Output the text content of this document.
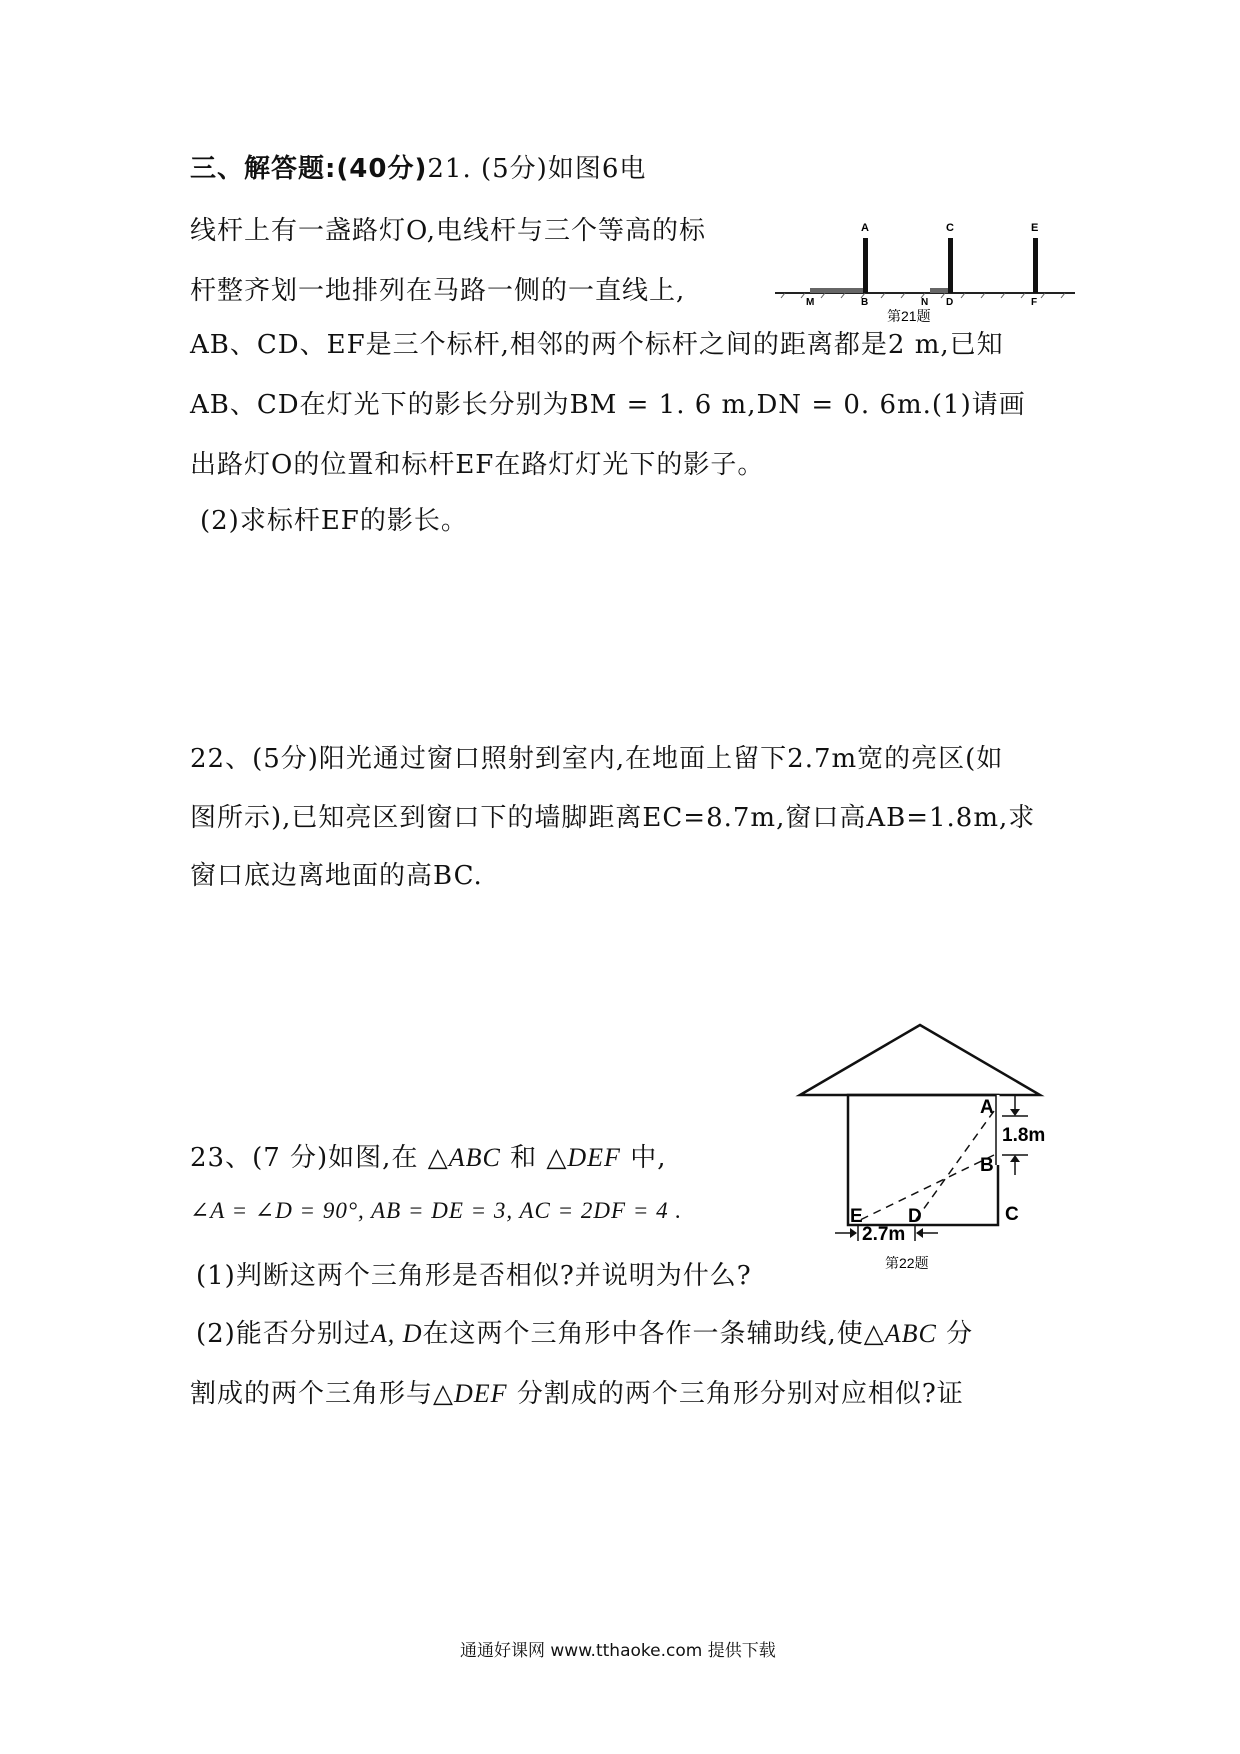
三、解答题:(40分)21. (5分)如图6电
线杆上有一盏路灯O,电线杆与三个等高的标
杆整齐划一地排列在马路一侧的一直线上,
AB、CD、EF是三个标杆,相邻的两个标杆之间的距离都是2 m,已知
AB、CD在灯光下的影长分别为BM = 1. 6 m,DN = 0. 6m.(1)请画
出路灯O的位置和标杆EF在路灯灯光下的影子。
(2)求标杆EF的影长。
A	C	E
M	B	N D	F
第21题
22、(5分)阳光通过窗口照射到室内,在地面上留下2.7m宽的亮区(如
图所示),已知亮区到窗口下的墙脚距离EC=8.7m,窗口高AB=1.8m,求
窗口底边离地面的高BC.
1.8m
A
B
C
E D
2.7m
第22题
23、(7 分)如图,在 △ABC 和 △DEF 中,
∠A = ∠D = 90°, AB = DE = 3, AC = 2DF = 4 .
(1)判断这两个三角形是否相似?并说明为什么?
(2)能否分别过A, D在这两个三角形中各作一条辅助线,使△ABC 分
割成的两个三角形与△DEF 分割成的两个三角形分别对应相似?证
通通好课网 www.tthaoke.com 提供下载
